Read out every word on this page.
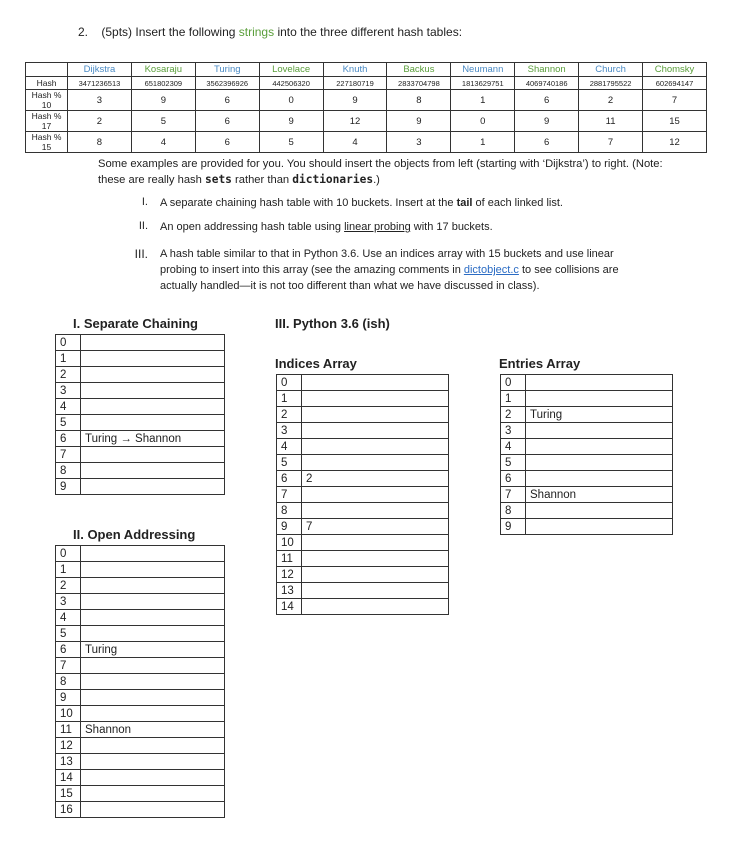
2. (5pts) Insert the following strings into the three different hash tables:
	Dijkstra	Kosaraju	Turing	Lovelace	Knuth	Backus	Neumann	Shannon	Church	Chomsky
Hash	3471236513	651802309	3562396926	442506320	227180719	2833704798	1813629751	4069740186	2881795522	602694147
Hash % 10	3	9	6	0	9	8	1	6	2	7
Hash % 17	2	5	6	9	12	9	0	9	11	15
Hash % 15	8	4	6	5	4	3	1	6	7	12
Some examples are provided for you. You should insert the objects from left (starting with ‘Dijkstra’) to right. (Note: these are really hash sets rather than dictionaries.)
I. A separate chaining hash table with 10 buckets. Insert at the tail of each linked list.
II. An open addressing hash table using linear probing with 17 buckets.
III. A hash table similar to that in Python 3.6. Use an indices array with 15 buckets and use linear
probing to insert into this array (see the amazing comments in dictobject.c to see collisions are
actually handled—it is not too different than what we have discussed in class).
I. Separate Chaining	III. Python 3.6 (ish)
Indices Array	Entries Array
II. Open Addressing
0	
1	
2	
3	
4	
5	
6	Turing → Shannon
7	
8	
9	
0	
1	
2	
3	
4	
5	
6	Turing
7	
8	
9	
10	
11	Shannon
12	
13	
14	
15	
16	
0	
1	
2	
3	
4	
5	
6	2
7	
8	
9	7
10	
11	
12	
13	
14	
0	
1	
2	Turing
3	
4	
5	
6	
7	Shannon
8	
9	
